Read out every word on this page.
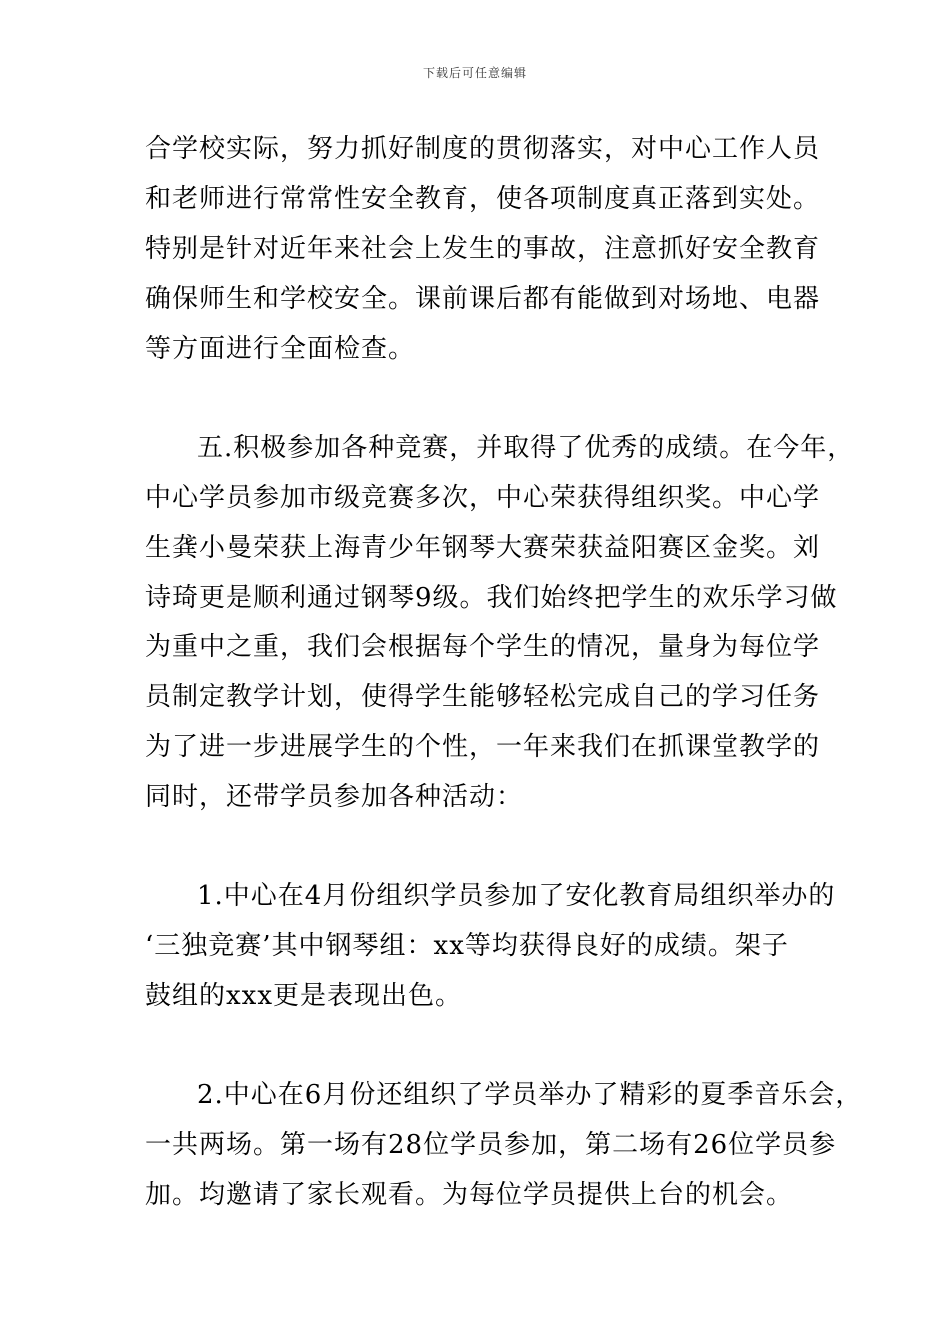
下载后可任意编辑
合学校实际，努力抓好制度的贯彻落实，对中心工作人员
和老师进行常常性安全教育，使各项制度真正落到实处。
特别是针对近年来社会上发生的事故，注意抓好安全教育
确保师生和学校安全。课前课后都有能做到对场地、电器
等方面进行全面检查。
五.积极参加各种竞赛，并取得了优秀的成绩。在今年，
中心学员参加市级竞赛多次，中心荣获得组织奖。中心学
生龚小曼荣获上海青少年钢琴大赛荣获益阳赛区金奖。刘
诗琦更是顺利通过钢琴9级。我们始终把学生的欢乐学习做
为重中之重，我们会根据每个学生的情况，量身为每位学
员制定教学计划，使得学生能够轻松完成自己的学习任务
为了进一步进展学生的个性，一年来我们在抓课堂教学的
同时，还带学员参加各种活动：
1.中心在4月份组织学员参加了安化教育局组织举办的
‘三独竞赛’其中钢琴组：xx等均获得良好的成绩。架子
鼓组的xxx更是表现出色。
2.中心在6月份还组织了学员举办了精彩的夏季音乐会，
一共两场。第一场有28位学员参加，第二场有26位学员参
加。均邀请了家长观看。为每位学员提供上台的机会。
